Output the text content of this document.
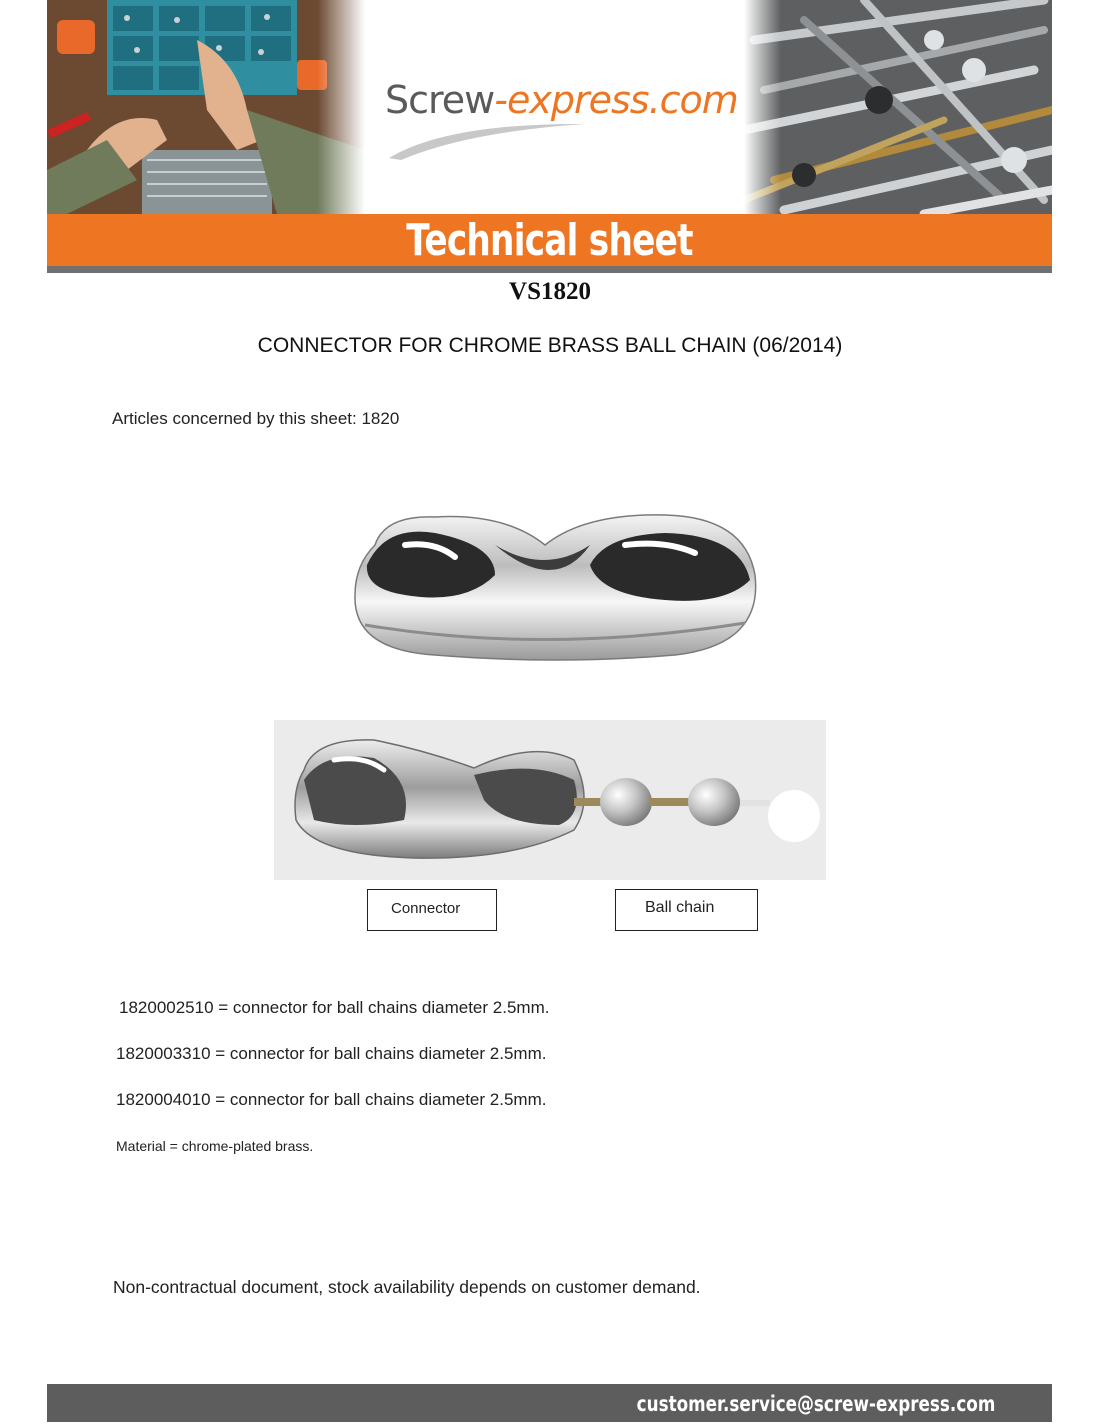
Screw-express.com
Technical sheet
VS1820
CONNECTOR FOR CHROME BRASS BALL CHAIN (06/2014)
Articles concerned by this sheet: 1820
Connector	Ball chain
1820002510 = connector for ball chains diameter 2.5mm.
1820003310 = connector for ball chains diameter 2.5mm.
1820004010 = connector for ball chains diameter 2.5mm.
Material = chrome-plated brass.
Non-contractual document, stock availability depends on customer demand.
customer.service@screw-express.com
